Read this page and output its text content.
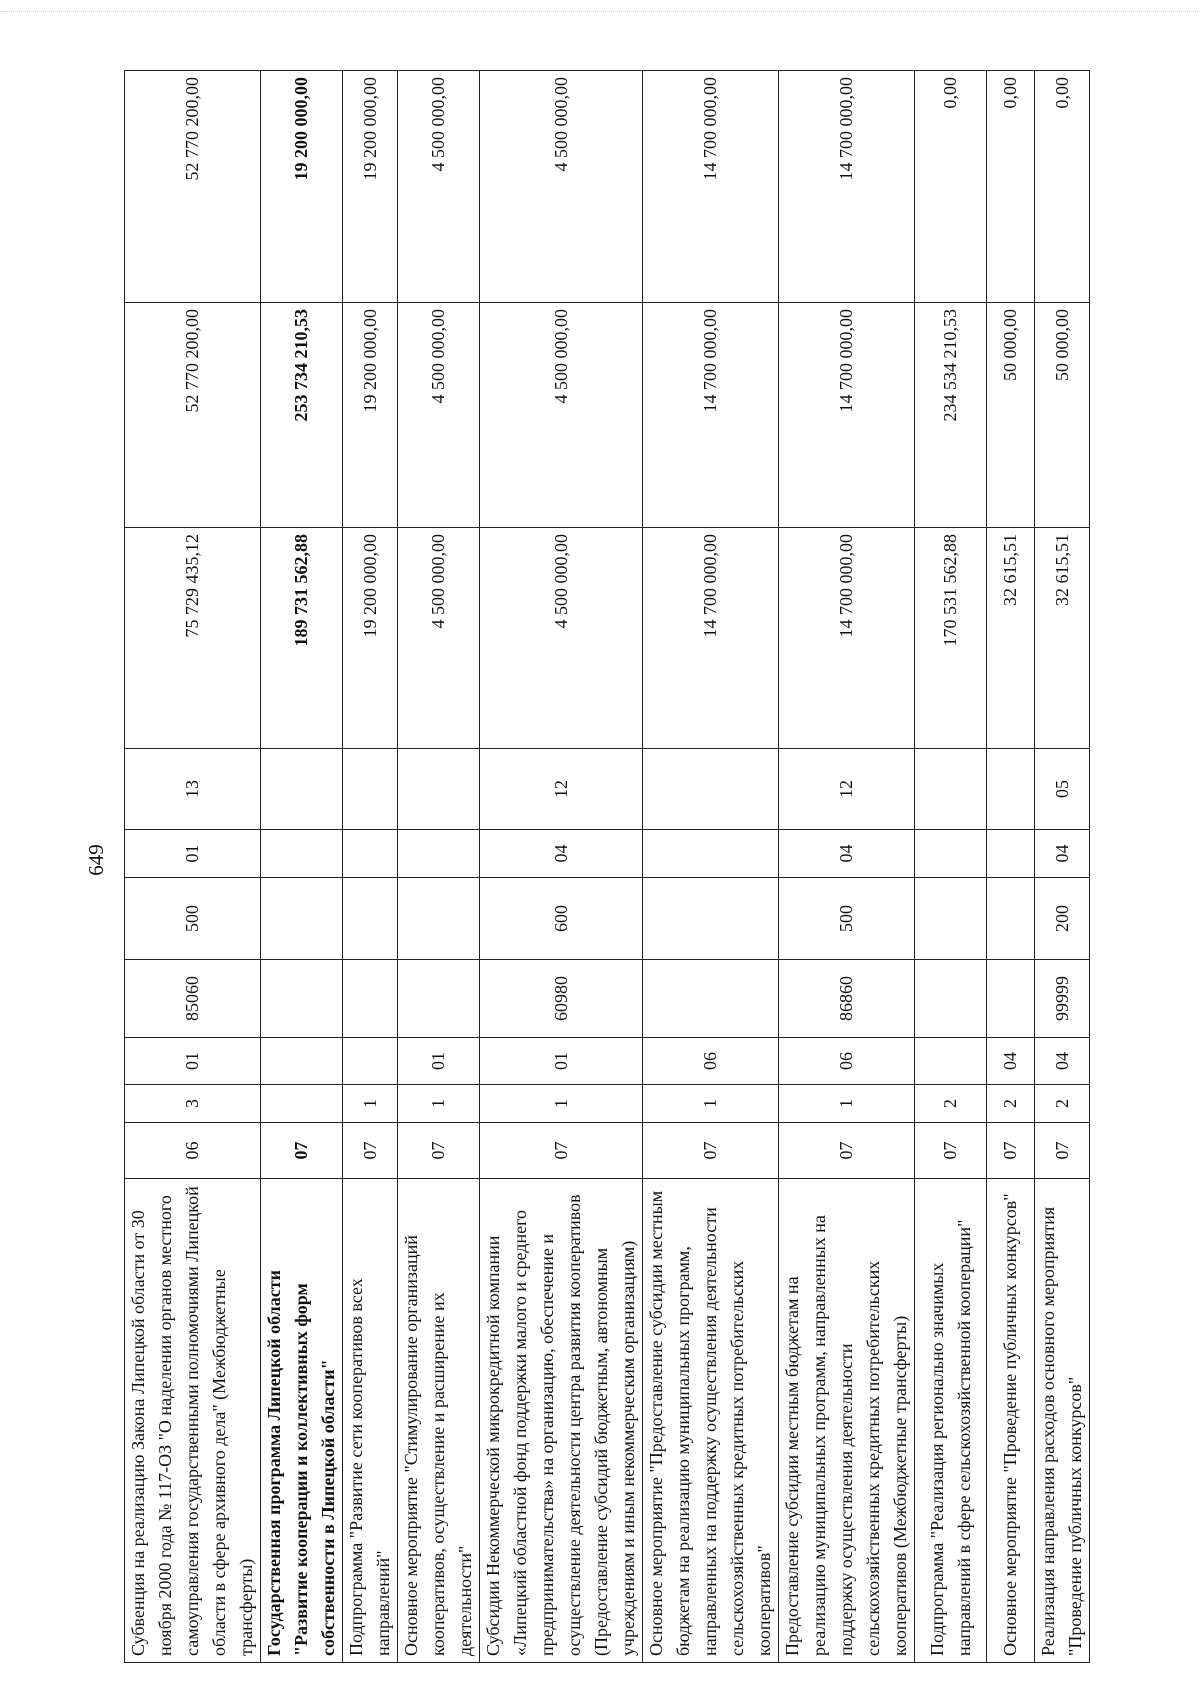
649
Субвенция на реализацию Закона Липецкой области от 30 ноября 2000 года № 117-ОЗ "О наделении органов местного самоуправления государственными полномочиями Липецкой области в сфере архивного дела" (Межбюджетные трансферты)	06	3	01	85060	500	01	13	75 729 435,12	52 770 200,00	52 770 200,00
Государственная программа Липецкой области "Развитие кооперации и коллективных форм собственности в Липецкой области"	07							189 731 562,88	253 734 210,53	19 200 000,00
Подпрограмма "Развитие сети кооперативов всех направлений"	07	1						19 200 000,00	19 200 000,00	19 200 000,00
Основное мероприятие "Стимулирование организаций кооперативов, осуществление и расширение их деятельности"	07	1	01					4 500 000,00	4 500 000,00	4 500 000,00
Субсидии Некоммерческой микрокредитной компании «Липецкий областной фонд поддержки малого и среднего предпринимательства» на организацию, обеспечение и осуществление деятельности центра развития кооперативов (Предоставление субсидий бюджетным, автономным учреждениям и иным некоммерческим организациям)	07	1	01	60980	600	04	12	4 500 000,00	4 500 000,00	4 500 000,00
Основное мероприятие "Предоставление субсидии местным бюджетам на реализацию муниципальных программ, направленных на поддержку осуществления деятельности сельскохозяйственных кредитных потребительских кооперативов"	07	1	06					14 700 000,00	14 700 000,00	14 700 000,00
Предоставление субсидии местным бюджетам на реализацию муниципальных программ, направленных на поддержку осуществления деятельности сельскохозяйственных кредитных потребительских кооперативов (Межбюджетные трансферты)	07	1	06	86860	500	04	12	14 700 000,00	14 700 000,00	14 700 000,00
Подпрограмма "Реализация регионально значимых направлений в сфере сельскохозяйственной кооперации"	07	2						170 531 562,88	234 534 210,53	0,00
Основное мероприятие "Проведение публичных конкурсов"	07	2	04					32 615,51	50 000,00	0,00
Реализация направления расходов основного мероприятия "Проведение публичных конкурсов"	07	2	04	99999	200	04	05	32 615,51	50 000,00	0,00
